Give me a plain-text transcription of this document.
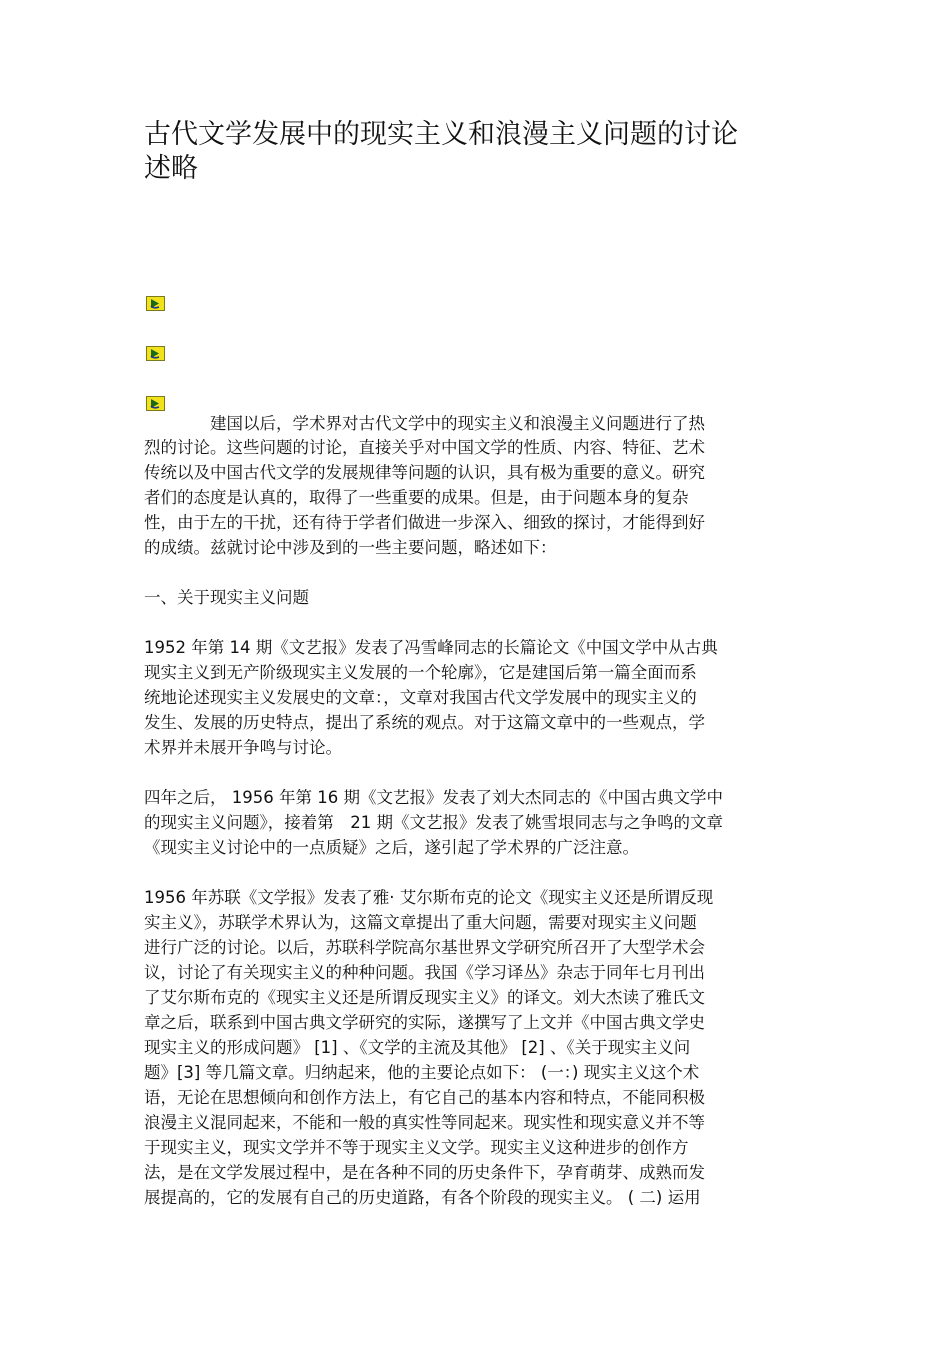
古代文学发展中的现实主义和浪漫主义问题的讨论
述略

　　　　建国以后，学术界对古代文学中的现实主义和浪漫主义问题进行了热

烈的讨论。这些问题的讨论，直接关乎对中国文学的性质、内容、特征、艺术

传统以及中国古代文学的发展规律等问题的认识，具有极为重要的意义。研究

者们的态度是认真的，取得了一些重要的成果。但是，由于问题本身的复杂

性，由于左的干扰，还有待于学者们做进一步深入、细致的探讨，才能得到好

的成绩。兹就讨论中涉及到的一些主要问题，略述如下：

一、关于现实主义问题

1952 年第 14 期《文艺报》发表了冯雪峰同志的长篇论文《中国文学中从古典

现实主义到无产阶级现实主义发展的一个轮廓》，它是建国后第一篇全面而系

统地论述现实主义发展史的文章：，文章对我国古代文学发展中的现实主义的

发生、发展的历史特点，提出了系统的观点。对于这篇文章中的一些观点，学

术界并未展开争鸣与讨论。

四年之后， 1956 年第 16 期《文艺报》发表了刘大杰同志的《中国古典文学中

的现实主义问题》，接着第　21 期《文艺报》发表了姚雪垠同志与之争鸣的文章

《现实主义讨论中的一点质疑》之后，遂引起了学术界的广泛注意。

1956 年苏联《文学报》发表了雅· 艾尔斯布克的论文《现实主义还是所谓反现

实主义》，苏联学术界认为，这篇文章提出了重大问题，需要对现实主义问题

进行广泛的讨论。以后，苏联科学院高尔基世界文学研究所召开了大型学术会

议，讨论了有关现实主义的种种问题。我国《学习译丛》杂志于同年七月刊出

了艾尔斯布克的《现实主义还是所谓反现实主义》的译文。刘大杰读了雅氏文

章之后，联系到中国古典文学研究的实际，遂撰写了上文并《中国古典文学史

现实主义的形成问题》 [1] 、《文学的主流及其他》 [2] 、《关于现实主义问

题》[3] 等几篇文章。归纳起来，他的主要论点如下： (一：) 现实主义这个术

语，无论在思想倾向和创作方法上，有它自己的基本内容和特点，不能同积极

浪漫主义混同起来，不能和一般的真实性等同起来。现实性和现实意义并不等

于现实主义，现实文学并不等于现实主义文学。现实主义这种进步的创作方

法，是在文学发展过程中，是在各种不同的历史条件下，孕育萌芽、成熟而发

展提高的，它的发展有自己的历史道路，有各个阶段的现实主义。 ( 二) 运用
